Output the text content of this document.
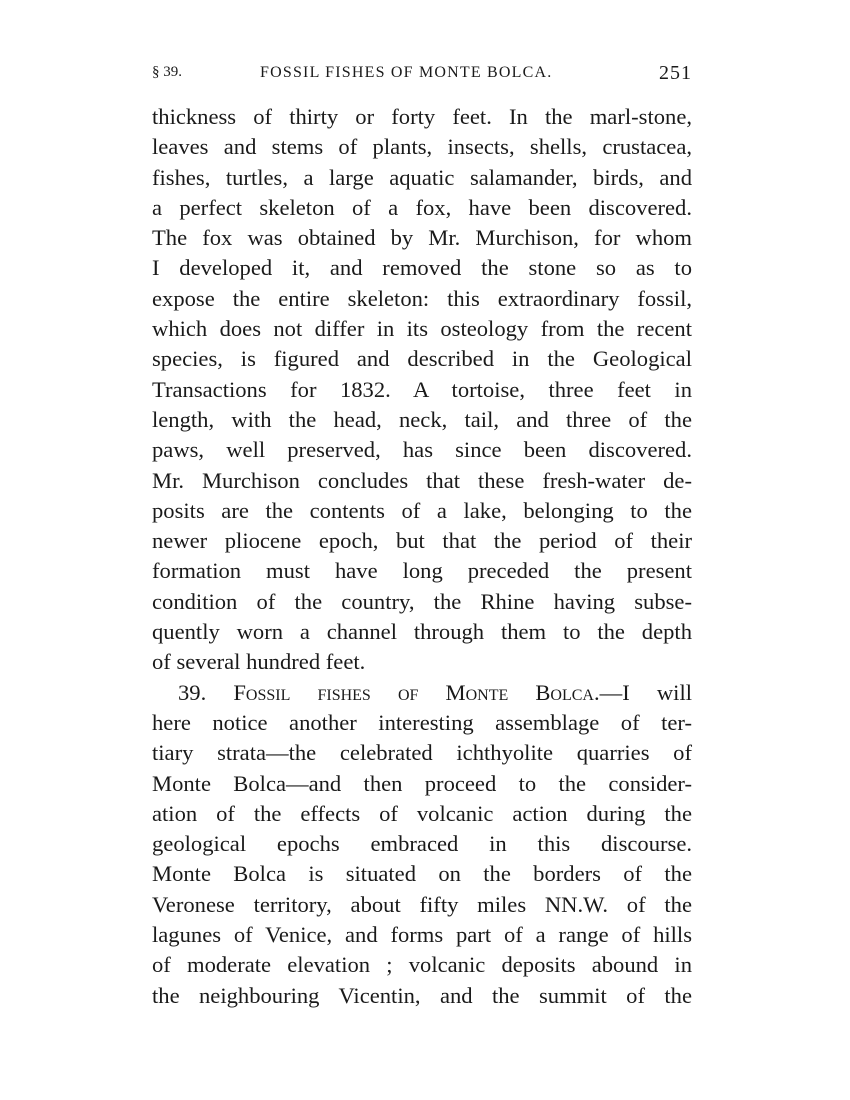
§ 39.	FOSSIL FISHES OF MONTE BOLCA.	251
thickness of thirty or forty feet. In the marl-stone,
leaves and stems of plants, insects, shells, crustacea,
fishes, turtles, a large aquatic salamander, birds, and
a perfect skeleton of a fox, have been discovered.
The fox was obtained by Mr. Murchison, for whom
I developed it, and removed the stone so as to
expose the entire skeleton: this extraordinary fossil,
which does not differ in its osteology from the recent
species, is figured and described in the Geological
Transactions for 1832. A tortoise, three feet in
length, with the head, neck, tail, and three of the
paws, well preserved, has since been discovered.
Mr. Murchison concludes that these fresh-water de-
posits are the contents of a lake, belonging to the
newer pliocene epoch, but that the period of their
formation must have long preceded the present
condition of the country, the Rhine having subse-
quently worn a channel through them to the depth
of several hundred feet.
39. Fossil fishes of Monte Bolca.—I will
here notice another interesting assemblage of ter-
tiary strata—the celebrated ichthyolite quarries of
Monte Bolca—and then proceed to the consider-
ation of the effects of volcanic action during the
geological epochs embraced in this discourse.
Monte Bolca is situated on the borders of the
Veronese territory, about fifty miles NN.W. of the
lagunes of Venice, and forms part of a range of hills
of moderate elevation ; volcanic deposits abound in
the neighbouring Vicentin, and the summit of the
